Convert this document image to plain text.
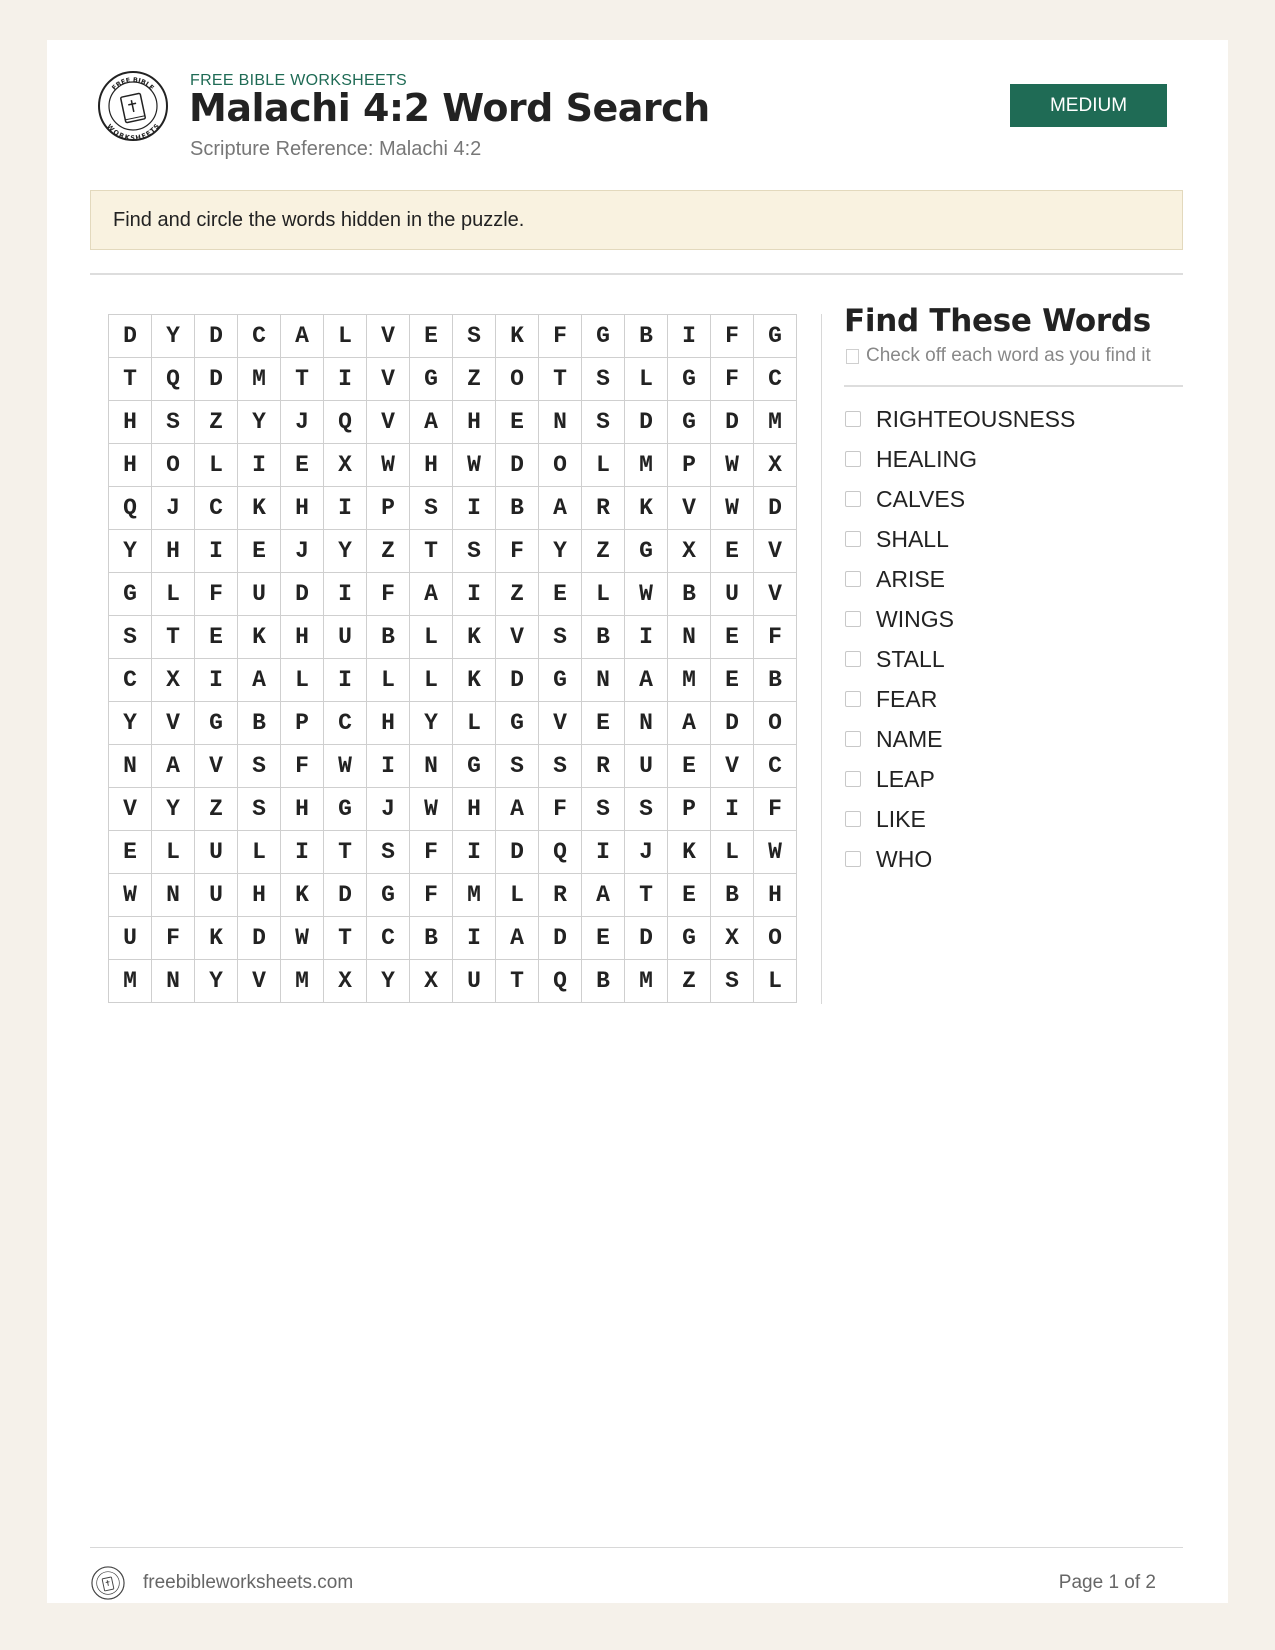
FREE BIBLE
WORKSHEETS
FREE BIBLE WORKSHEETS
Malachi 4:2 Word Search
Scripture Reference: Malachi 4:2
MEDIUM
Find and circle the words hidden in the puzzle.
D	Y	D	C	A	L	V	E	S	K	F	G	B	I	F	G
T	Q	D	M	T	I	V	G	Z	O	T	S	L	G	F	C
H	S	Z	Y	J	Q	V	A	H	E	N	S	D	G	D	M
H	O	L	I	E	X	W	H	W	D	O	L	M	P	W	X
Q	J	C	K	H	I	P	S	I	B	A	R	K	V	W	D
Y	H	I	E	J	Y	Z	T	S	F	Y	Z	G	X	E	V
G	L	F	U	D	I	F	A	I	Z	E	L	W	B	U	V
S	T	E	K	H	U	B	L	K	V	S	B	I	N	E	F
C	X	I	A	L	I	L	L	K	D	G	N	A	M	E	B
Y	V	G	B	P	C	H	Y	L	G	V	E	N	A	D	O
N	A	V	S	F	W	I	N	G	S	S	R	U	E	V	C
V	Y	Z	S	H	G	J	W	H	A	F	S	S	P	I	F
E	L	U	L	I	T	S	F	I	D	Q	I	J	K	L	W
W	N	U	H	K	D	G	F	M	L	R	A	T	E	B	H
U	F	K	D	W	T	C	B	I	A	D	E	D	G	X	O
M	N	Y	V	M	X	Y	X	U	T	Q	B	M	Z	S	L
Find These Words
Check off each word as you find it
RIGHTEOUSNESS
HEALING
CALVES
SHALL
ARISE
WINGS
STALL
FEAR
NAME
LEAP
LIKE
WHO
freebibleworksheets.com	Page 1 of 2
